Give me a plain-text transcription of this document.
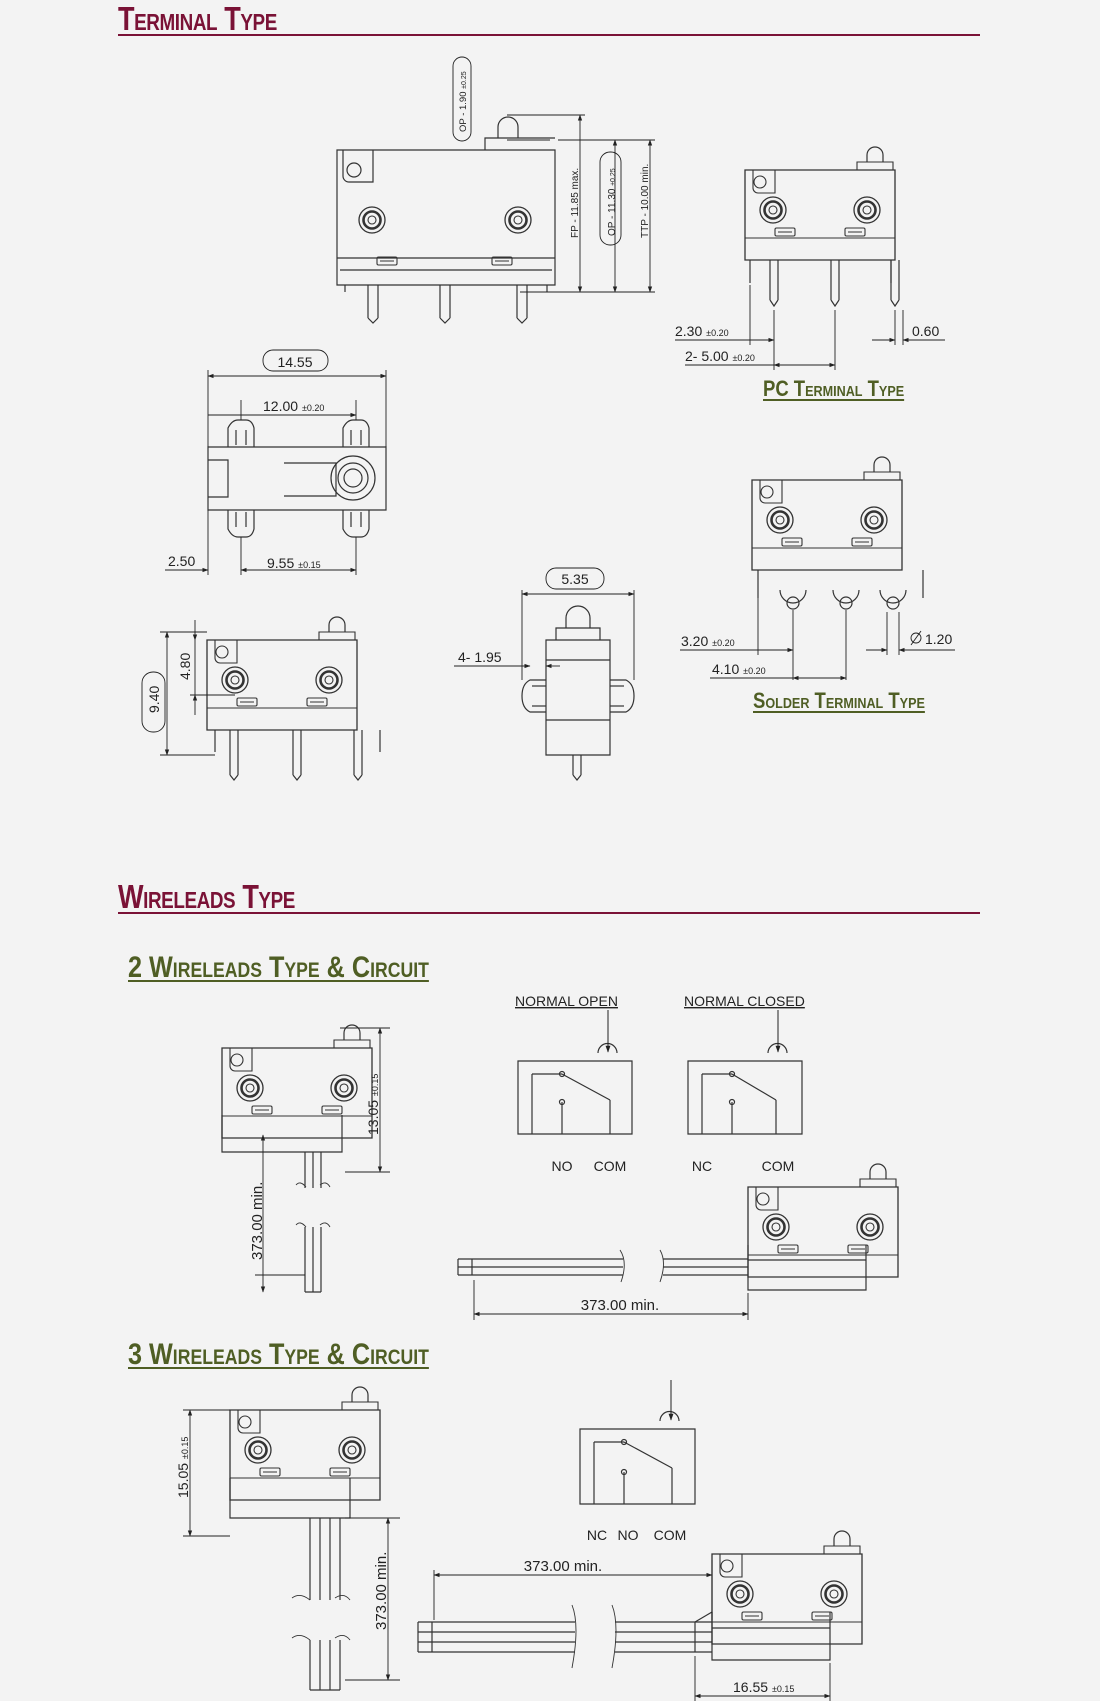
Terminal Type
Wireleads Type
2 Wireleads Type & Circuit
3 Wireleads Type & Circuit
PC Terminal Type
Solder Terminal Type
OP - 1.90 ±0.25
FP - 11.85 max.	OP - 11.30 ±0.25 TTP - 10.00 min.
2.30 ±0.20
2- 5.00 ±0.20
0.60
14.55
12.00 ±0.20
2.50	9.55 ±0.15
9.40
4.80
5.35
4- 1.95
3.20 ±0.20
4.10 ±0.20
1.20
13.05 ±0.15
373.00 min.
NORMAL OPEN
NO COM
NORMAL CLOSED
NC	COM
373.00 min.
15.05 ±0.15
373.00 min.
NC NO COM
373.00 min.
16.55 ±0.15
